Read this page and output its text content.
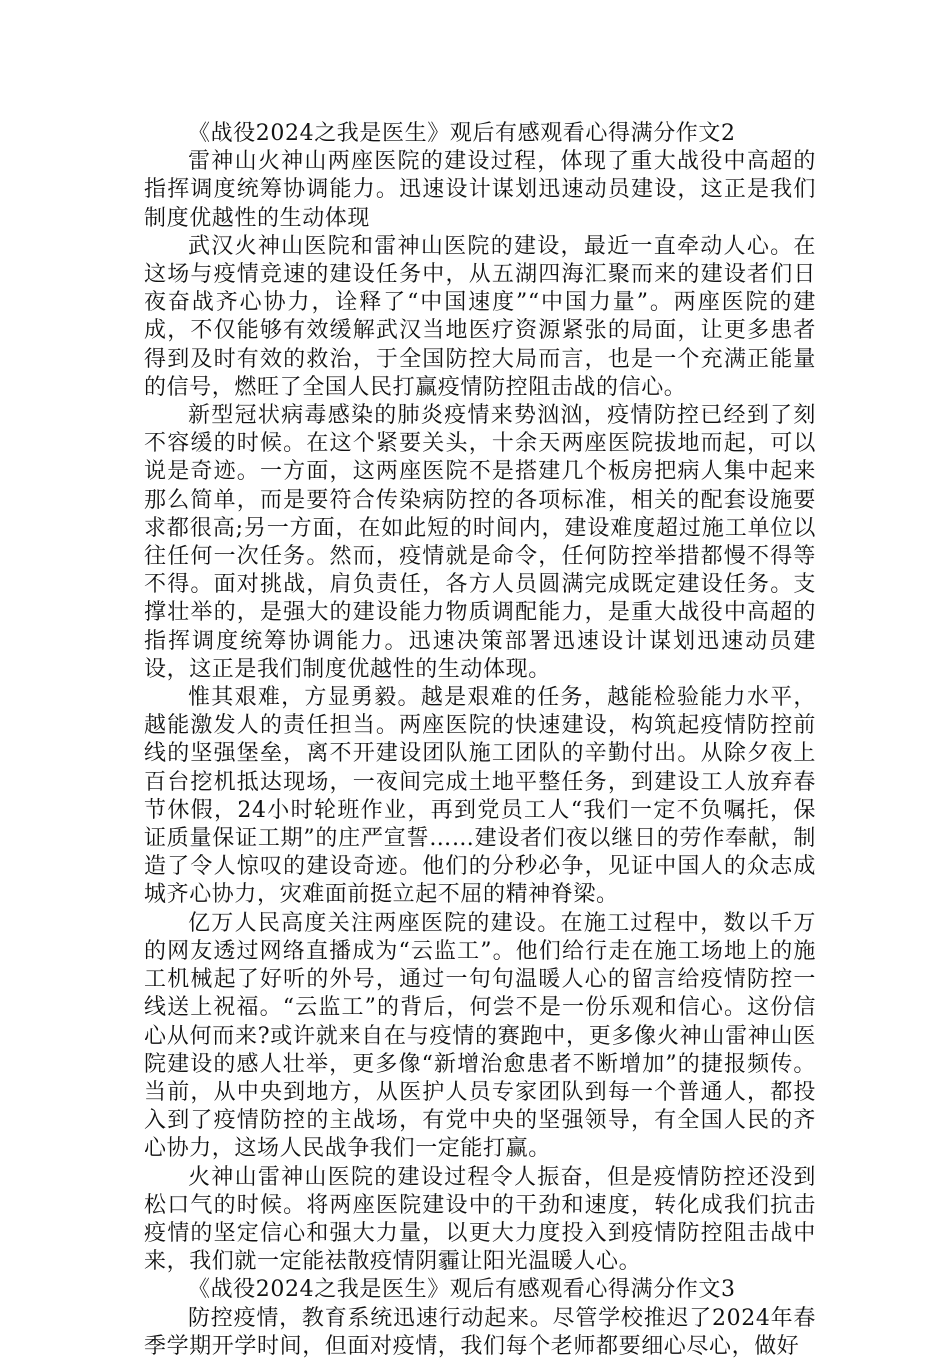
《战役2024之我是医生》观后有感观看心得满分作文2

雷神山火神山两座医院的建设过程，体现了重大战役中高超的指挥调度统筹协调能力。迅速设计谋划迅速动员建设，这正是我们制度优越性的生动体现

武汉火神山医院和雷神山医院的建设，最近一直牵动人心。在这场与疫情竞速的建设任务中，从五湖四海汇聚而来的建设者们日夜奋战齐心协力，诠释了“中国速度”“中国力量”。两座医院的建成，不仅能够有效缓解武汉当地医疗资源紧张的局面，让更多患者得到及时有效的救治，于全国防控大局而言，也是一个充满正能量的信号，燃旺了全国人民打赢疫情防控阻击战的信心。

新型冠状病毒感染的肺炎疫情来势汹汹，疫情防控已经到了刻不容缓的时候。在这个紧要关头，十余天两座医院拔地而起，可以说是奇迹。一方面，这两座医院不是搭建几个板房把病人集中起来那么简单，而是要符合传染病防控的各项标准，相关的配套设施要求都很高;另一方面，在如此短的时间内，建设难度超过施工单位以往任何一次任务。然而，疫情就是命令，任何防控举措都慢不得等不得。面对挑战，肩负责任，各方人员圆满完成既定建设任务。支撑壮举的，是强大的建设能力物质调配能力，是重大战役中高超的指挥调度统筹协调能力。迅速决策部署迅速设计谋划迅速动员建设，这正是我们制度优越性的生动体现。

惟其艰难，方显勇毅。越是艰难的任务，越能检验能力水平，越能激发人的责任担当。两座医院的快速建设，构筑起疫情防控前线的坚强堡垒，离不开建设团队施工团队的辛勤付出。从除夕夜上百台挖机抵达现场，一夜间完成土地平整任务，到建设工人放弃春节休假，24小时轮班作业，再到党员工人“我们一定不负嘱托，保证质量保证工期”的庄严宣誓……建设者们夜以继日的劳作奉献，制造了令人惊叹的建设奇迹。他们的分秒必争，见证中国人的众志成城齐心协力，灾难面前挺立起不屈的精神脊梁。

亿万人民高度关注两座医院的建设。在施工过程中，数以千万的网友透过网络直播成为“云监工”。他们给行走在施工场地上的施工机械起了好听的外号，通过一句句温暖人心的留言给疫情防控一线送上祝福。“云监工”的背后，何尝不是一份乐观和信心。这份信心从何而来?或许就来自在与疫情的赛跑中，更多像火神山雷神山医院建设的感人壮举，更多像“新增治愈患者不断增加”的捷报频传。当前，从中央到地方，从医护人员专家团队到每一个普通人，都投入到了疫情防控的主战场，有党中央的坚强领导，有全国人民的齐心协力，这场人民战争我们一定能打赢。

火神山雷神山医院的建设过程令人振奋，但是疫情防控还没到松口气的时候。将两座医院建设中的干劲和速度，转化成我们抗击疫情的坚定信心和强大力量，以更大力度投入到疫情防控阻击战中来，我们就一定能祛散疫情阴霾让阳光温暖人心。

《战役2024之我是医生》观后有感观看心得满分作文3

防控疫情，教育系统迅速行动起来。尽管学校推迟了2024年春季学期开学时间，但面对疫情，我们每个老师都要细心尽心，做好
